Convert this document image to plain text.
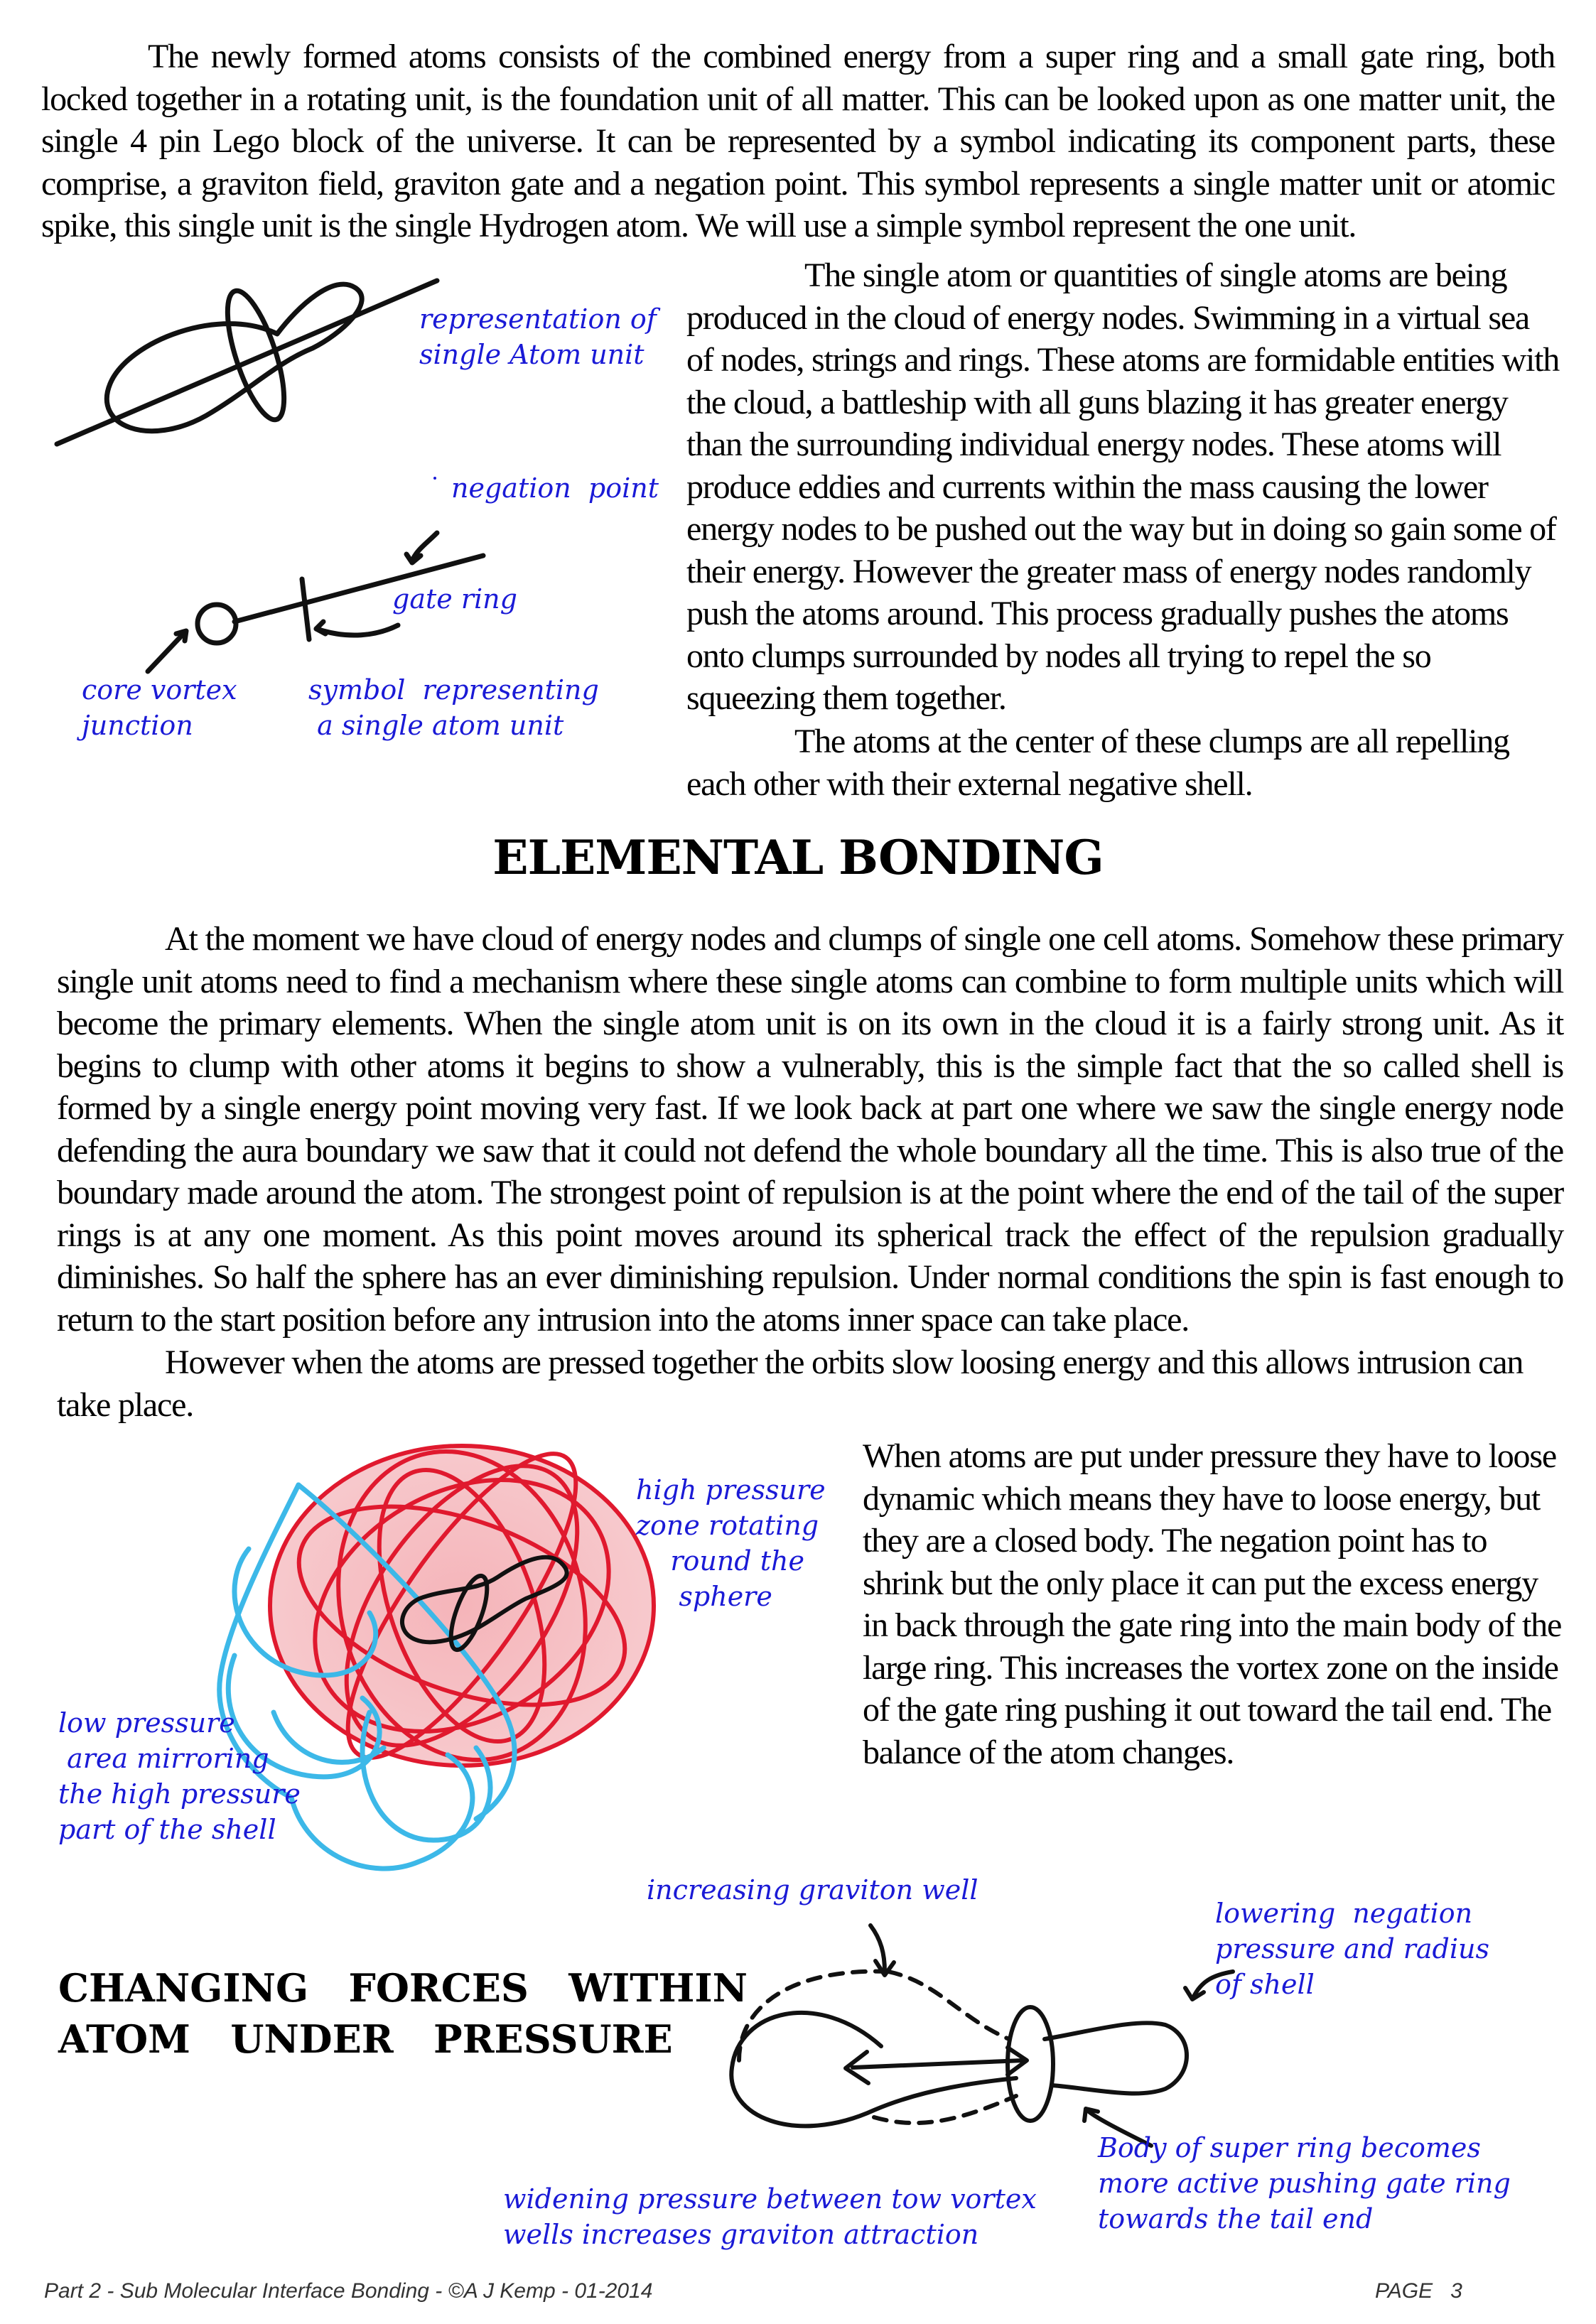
The newly formed atoms consists of the combined energy from a super ring and a small gate ring, both locked together in a rotating unit, is the foundation unit of all matter. This can be looked upon as one matter unit, the single 4 pin Lego block of the universe. It can be represented by a symbol indicating its component parts, these comprise, a graviton field, graviton gate and a negation point. This symbol represents a single matter unit or atomic spike, this single unit is the single Hydrogen atom. We will use a simple symbol represent the one unit.

representation of
single Atom unit

negation  point

gate ring

core vortex
junction

symbol  representing
a single atom unit

The single atom or quantities of single atoms are being produced in the cloud of energy nodes. Swimming in a virtual sea of nodes, strings and rings. These atoms are formidable entities with the cloud, a battleship with all guns blazing it has greater energy than the surrounding individual energy nodes. These atoms will produce eddies and currents within the mass causing the lower energy nodes to be pushed out the way but in doing so gain some of their energy. However the greater mass of energy nodes randomly push the atoms around. This process gradually pushes the atoms onto clumps surrounded by nodes all trying to repel the so squeezing them together.

The atoms at the center of these clumps are all repelling each other with their external negative shell.

ELEMENTAL BONDING

At the moment we have cloud of energy nodes and clumps of single one cell atoms. Somehow these primary single unit atoms need to find a mechanism where these single atoms can combine to form multiple units which will become the primary elements. When the single atom unit is on its own in the cloud it is a fairly strong unit. As it begins to clump with other atoms it begins to show a vulnerably, this is the simple fact that the so called shell is formed by a single energy point moving very fast. If we look back at part one where we saw the single energy node defending the aura boundary we saw that it could not defend the whole boundary all the time. This is also true of the boundary made around the atom. The strongest point of repulsion is at the point where the end of the tail of the super rings is at any one moment. As this point moves around its spherical track the effect of the repulsion gradually diminishes. So half the sphere has an ever diminishing repulsion. Under normal conditions the spin is fast enough to return to the start position before any intrusion into the atoms inner space can take place.

However when the atoms are pressed together the orbits slow loosing energy and this allows intrusion can take place.

high pressure
zone rotating
round the
sphere

low pressure
area mirroring
the high pressure
part of the shell

When atoms are put under pressure they have to loose dynamic which means they have to loose energy, but they are a closed body. The negation point has to shrink but the only place it can put the excess energy in back through the gate ring into the main body of the large ring. This increases the vortex zone on the inside of the gate ring pushing it out toward the tail end. The balance of the atom changes.

CHANGING   FORCES   WITHIN
ATOM   UNDER   PRESSURE

increasing graviton well

lowering  negation
pressure and radius
of shell

Body of super ring becomes
more active pushing gate ring
towards the tail end

widening pressure between tow vortex
wells increases graviton attraction

Part 2 - Sub Molecular Interface Bonding - ©A J Kemp - 01-2014	PAGE   3
